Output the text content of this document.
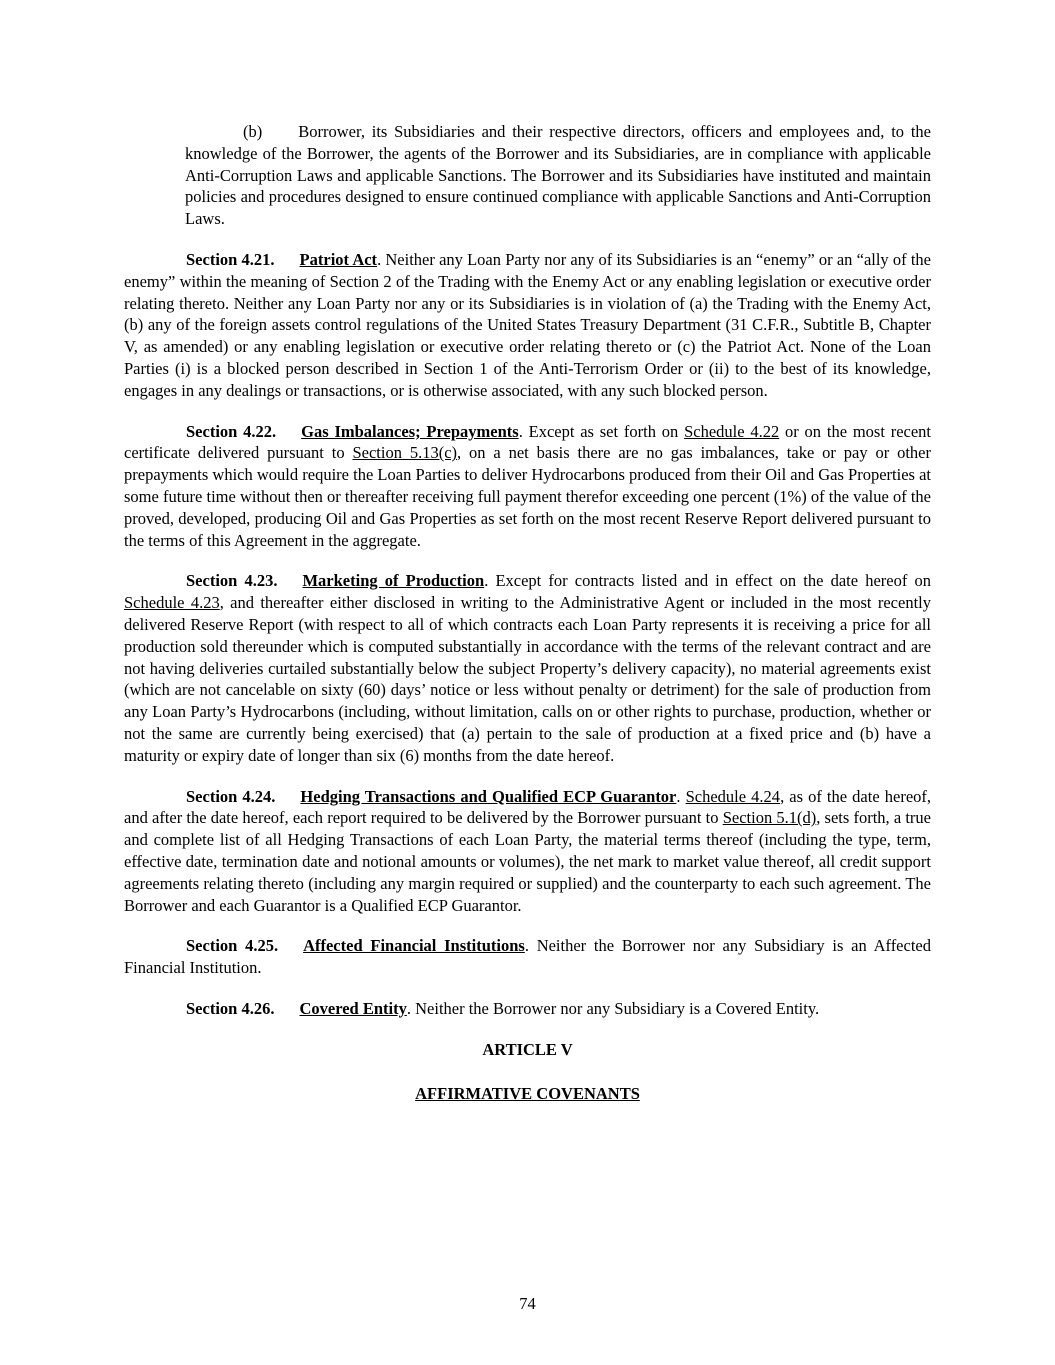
(b) Borrower, its Subsidiaries and their respective directors, officers and employees and, to the knowledge of the Borrower, the agents of the Borrower and its Subsidiaries, are in compliance with applicable Anti-Corruption Laws and applicable Sanctions. The Borrower and its Subsidiaries have instituted and maintain policies and procedures designed to ensure continued compliance with applicable Sanctions and Anti-Corruption Laws.

Section 4.21. Patriot Act. Neither any Loan Party nor any of its Subsidiaries is an “enemy” or an “ally of the enemy” within the meaning of Section 2 of the Trading with the Enemy Act or any enabling legislation or executive order relating thereto. Neither any Loan Party nor any or its Subsidiaries is in violation of (a) the Trading with the Enemy Act, (b) any of the foreign assets control regulations of the United States Treasury Department (31 C.F.R., Subtitle B, Chapter V, as amended) or any enabling legislation or executive order relating thereto or (c) the Patriot Act. None of the Loan Parties (i) is a blocked person described in Section 1 of the Anti-Terrorism Order or (ii) to the best of its knowledge, engages in any dealings or transactions, or is otherwise associated, with any such blocked person.

Section 4.22. Gas Imbalances; Prepayments. Except as set forth on Schedule 4.22 or on the most recent certificate delivered pursuant to Section 5.13(c), on a net basis there are no gas imbalances, take or pay or other prepayments which would require the Loan Parties to deliver Hydrocarbons produced from their Oil and Gas Properties at some future time without then or thereafter receiving full payment therefor exceeding one percent (1%) of the value of the proved, developed, producing Oil and Gas Properties as set forth on the most recent Reserve Report delivered pursuant to the terms of this Agreement in the aggregate.

Section 4.23. Marketing of Production. Except for contracts listed and in effect on the date hereof on Schedule 4.23, and thereafter either disclosed in writing to the Administrative Agent or included in the most recently delivered Reserve Report (with respect to all of which contracts each Loan Party represents it is receiving a price for all production sold thereunder which is computed substantially in accordance with the terms of the relevant contract and are not having deliveries curtailed substantially below the subject Property’s delivery capacity), no material agreements exist (which are not cancelable on sixty (60) days’ notice or less without penalty or detriment) for the sale of production from any Loan Party’s Hydrocarbons (including, without limitation, calls on or other rights to purchase, production, whether or not the same are currently being exercised) that (a) pertain to the sale of production at a fixed price and (b) have a maturity or expiry date of longer than six (6) months from the date hereof.

Section 4.24. Hedging Transactions and Qualified ECP Guarantor. Schedule 4.24, as of the date hereof, and after the date hereof, each report required to be delivered by the Borrower pursuant to Section 5.1(d), sets forth, a true and complete list of all Hedging Transactions of each Loan Party, the material terms thereof (including the type, term, effective date, termination date and notional amounts or volumes), the net mark to market value thereof, all credit support agreements relating thereto (including any margin required or supplied) and the counterparty to each such agreement. The Borrower and each Guarantor is a Qualified ECP Guarantor.

Section 4.25. Affected Financial Institutions. Neither the Borrower nor any Subsidiary is an Affected Financial Institution.

Section 4.26. Covered Entity. Neither the Borrower nor any Subsidiary is a Covered Entity.

ARTICLE V

AFFIRMATIVE COVENANTS

74
